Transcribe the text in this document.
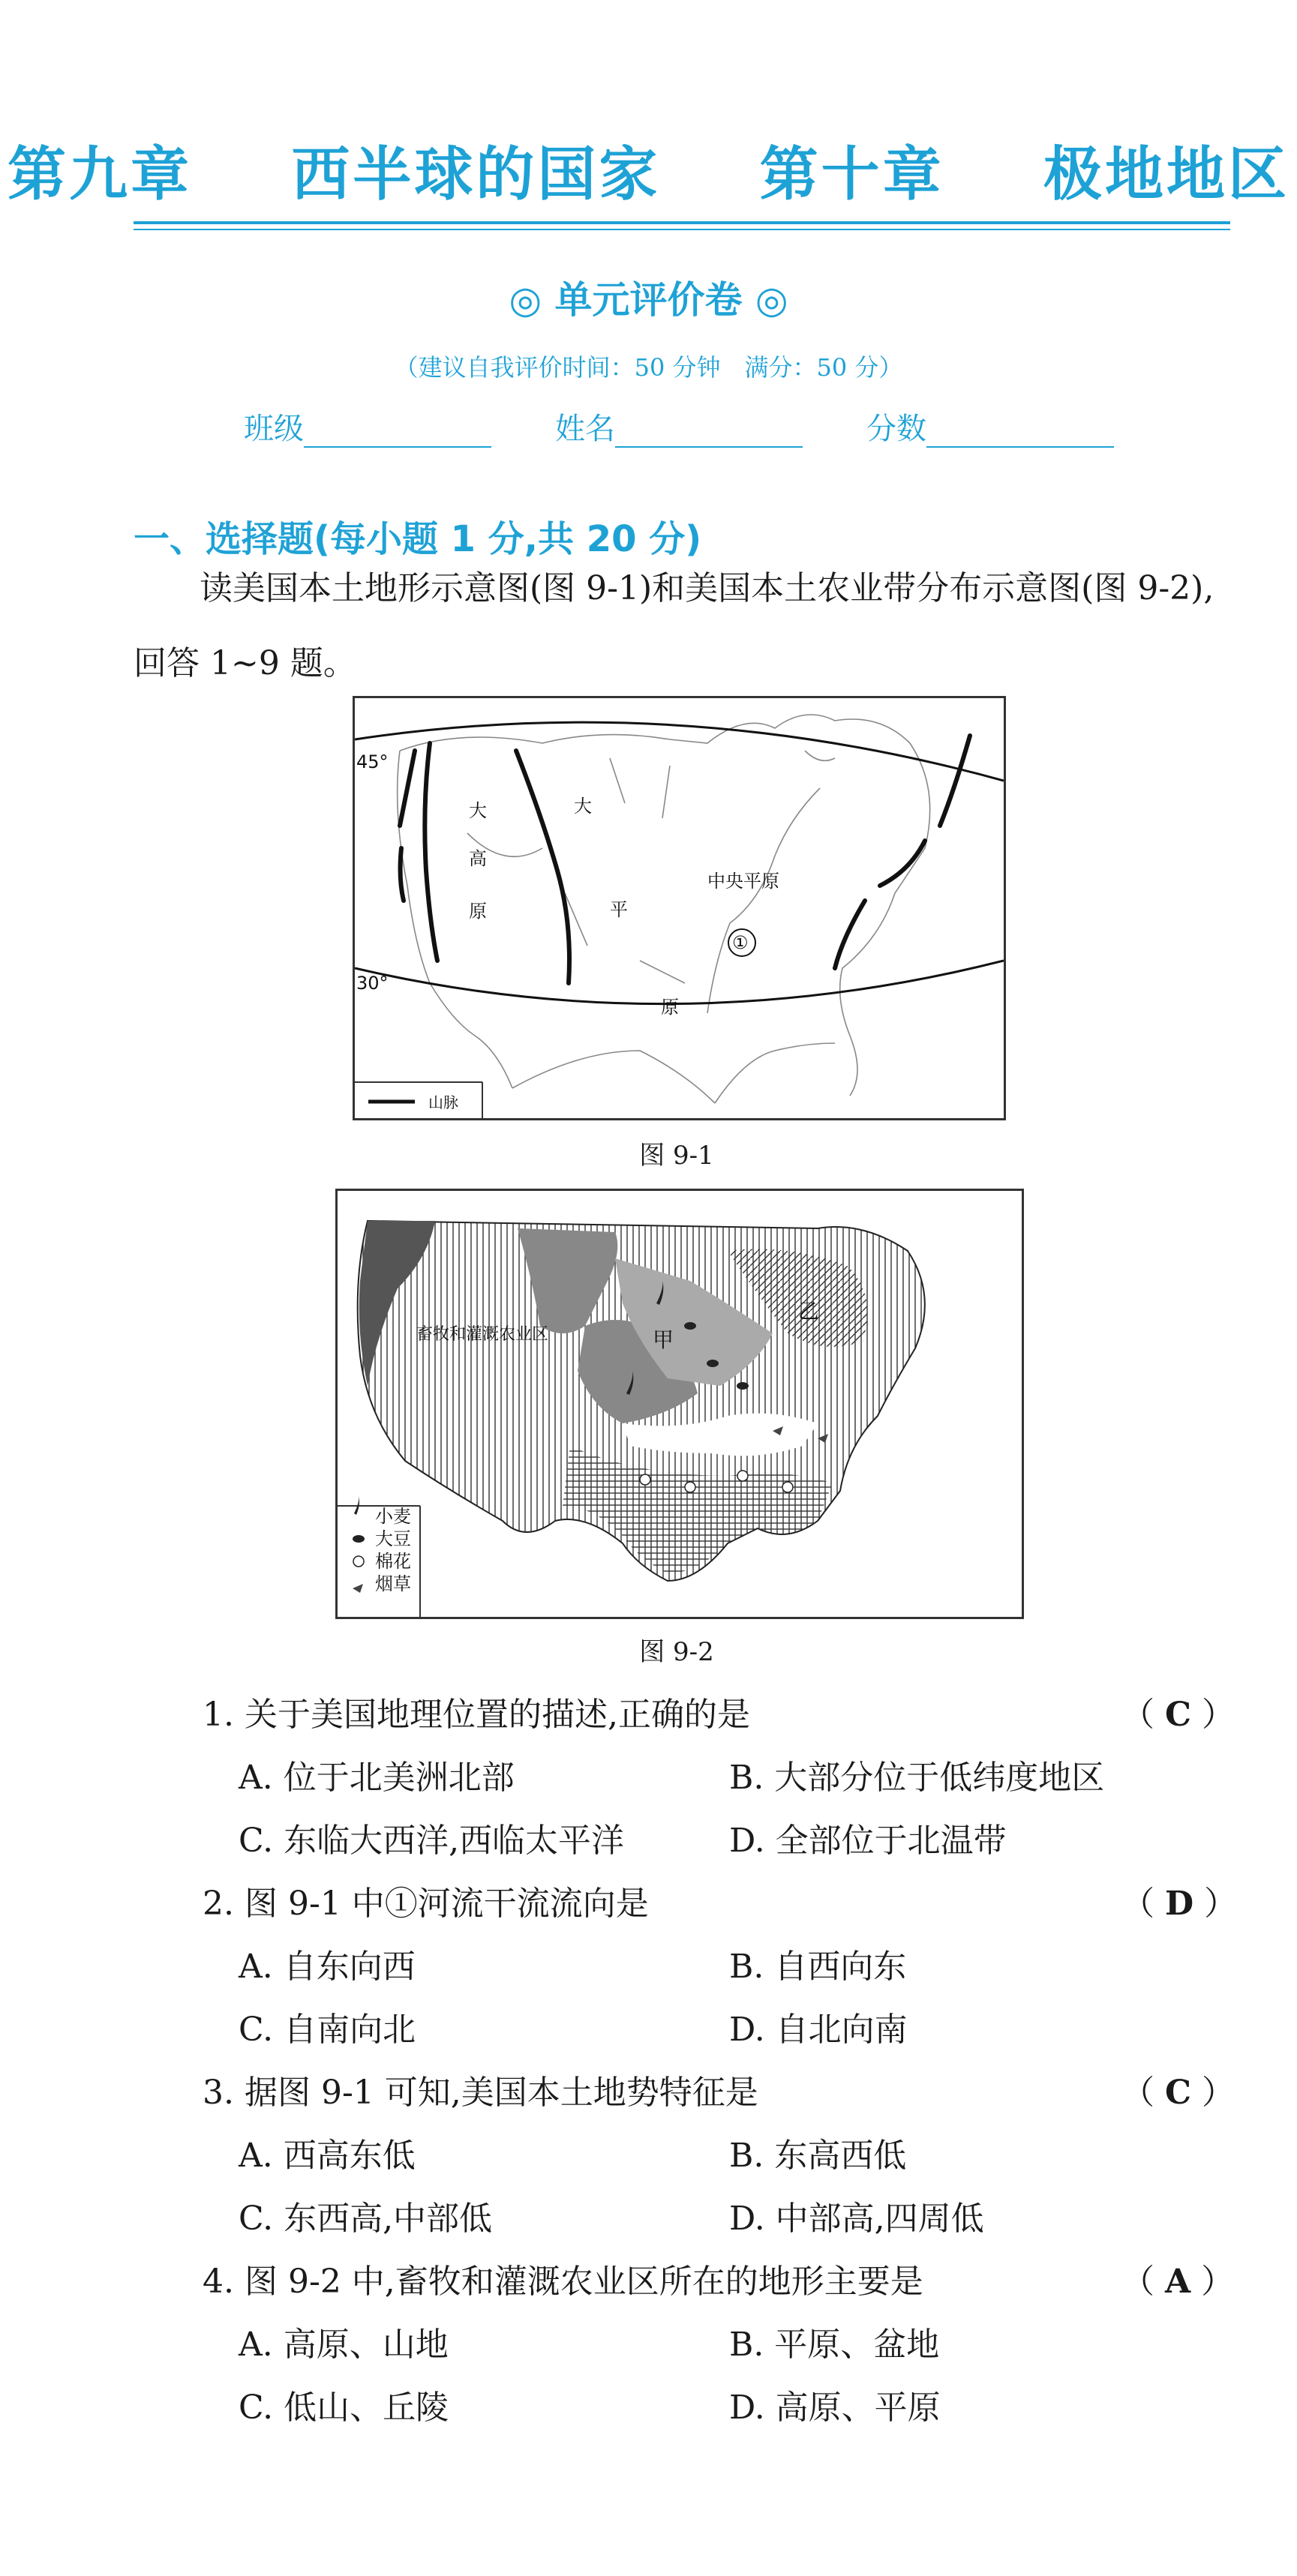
第九章 西半球的国家 第十章 极地地区
◎ 单元评价卷 ◎
（建议自我评价时间：50 分钟　满分：50 分）
班级	姓名	分数
一、选择题(每小题 1 分,共 20 分)
读美国本土地形示意图(图 9-1)和美国本土农业带分布示意图(图 9-2),回答 1~9 题。
45°
30°
大
高
原
大
平
原
中央平原
①
山脉
图 9-1
畜牧和灌溉农业区	甲
乙
小麦
大豆
棉花
烟草
图 9-2
1. 关于美国地理位置的描述,正确的是	（ C ）
A. 位于北美洲北部	B. 大部分位于低纬度地区
C. 东临大西洋,西临太平洋	D. 全部位于北温带
2. 图 9-1 中①河流干流流向是	（ D ）
A. 自东向西	B. 自西向东
C. 自南向北	D. 自北向南
3. 据图 9-1 可知,美国本土地势特征是	（ C ）
A. 西高东低	B. 东高西低
C. 东西高,中部低	D. 中部高,四周低
4. 图 9-2 中,畜牧和灌溉农业区所在的地形主要是	（ A ）
A. 高原、山地	B. 平原、盆地
C. 低山、丘陵	D. 高原、平原
